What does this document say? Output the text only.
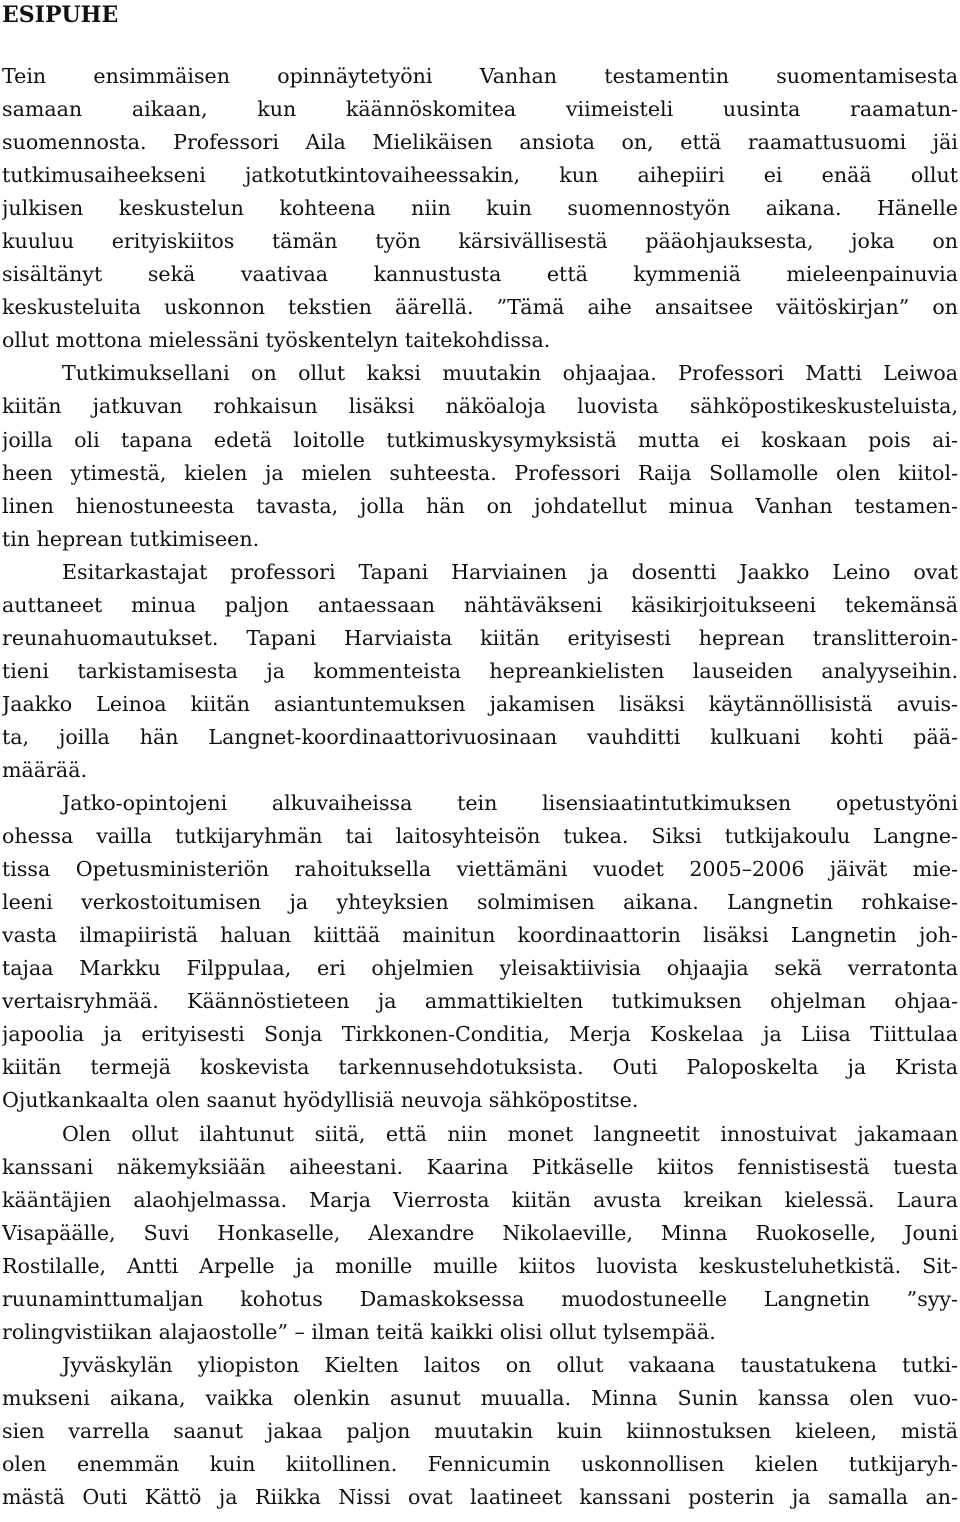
ESIPUHE
Tein ensimmäisen opinnäytetyöni Vanhan testamentin suomentamisesta
samaan aikaan, kun käännöskomitea viimeisteli uusinta raamatun-
suomennosta. Professori Aila Mielikäisen ansiota on, että raamattusuomi jäi
tutkimusaiheekseni jatkotutkintovaiheessakin, kun aihepiiri ei enää ollut
julkisen keskustelun kohteena niin kuin suomennostyön aikana. Hänelle
kuuluu erityiskiitos tämän työn kärsivällisestä pääohjauksesta, joka on
sisältänyt sekä vaativaa kannustusta että kymmeniä mieleenpainuvia
keskusteluita uskonnon tekstien äärellä. ”Tämä aihe ansaitsee väitöskirjan” on
ollut mottona mielessäni työskentelyn taitekohdissa.
Tutkimuksellani on ollut kaksi muutakin ohjaajaa. Professori Matti Leiwoa
kiitän jatkuvan rohkaisun lisäksi näköaloja luovista sähköpostikeskusteluista,
joilla oli tapana edetä loitolle tutkimuskysymyksistä mutta ei koskaan pois ai-
heen ytimestä, kielen ja mielen suhteesta. Professori Raija Sollamolle olen kiitol-
linen hienostuneesta tavasta, jolla hän on johdatellut minua Vanhan testamen-
tin heprean tutkimiseen.
Esitarkastajat professori Tapani Harviainen ja dosentti Jaakko Leino ovat
auttaneet minua paljon antaessaan nähtäväkseni käsikirjoitukseeni tekemänsä
reunahuomautukset. Tapani Harviaista kiitän erityisesti heprean translitteroin-
tieni tarkistamisesta ja kommenteista hepreankielisten lauseiden analyyseihin.
Jaakko Leinoa kiitän asiantuntemuksen jakamisen lisäksi käytännöllisistä avuis-
ta, joilla hän Langnet-koordinaattorivuosinaan vauhditti kulkuani kohti pää-
määrää.
Jatko-opintojeni alkuvaiheissa tein lisensiaatintutkimuksen opetustyöni
ohessa vailla tutkijaryhmän tai laitosyhteisön tukea. Siksi tutkijakoulu Langne-
tissa Opetusministeriön rahoituksella viettämäni vuodet 2005–2006 jäivät mie-
leeni verkostoitumisen ja yhteyksien solmimisen aikana. Langnetin rohkaise-
vasta ilmapiiristä haluan kiittää mainitun koordinaattorin lisäksi Langnetin joh-
tajaa Markku Filppulaa, eri ohjelmien yleisaktiivisia ohjaajia sekä verratonta
vertaisryhmää. Käännöstieteen ja ammattikielten tutkimuksen ohjelman ohjaa-
japoolia ja erityisesti Sonja Tirkkonen-Conditia, Merja Koskelaa ja Liisa Tiittulaa
kiitän termejä koskevista tarkennusehdotuksista. Outi Paloposkelta ja Krista
Ojutkankaalta olen saanut hyödyllisiä neuvoja sähköpostitse.
Olen ollut ilahtunut siitä, että niin monet langneetit innostuivat jakamaan
kanssani näkemyksiään aiheestani. Kaarina Pitkäselle kiitos fennistisestä tuesta
kääntäjien alaohjelmassa. Marja Vierrosta kiitän avusta kreikan kielessä. Laura
Visapäälle, Suvi Honkaselle, Alexandre Nikolaeville, Minna Ruokoselle, Jouni
Rostilalle, Antti Arpelle ja monille muille kiitos luovista keskusteluhetkistä. Sit-
ruunaminttumaljan kohotus Damaskoksessa muodostuneelle Langnetin ”syy-
rolingvistiikan alajaostolle” – ilman teitä kaikki olisi ollut tylsempää.
Jyväskylän yliopiston Kielten laitos on ollut vakaana taustatukena tutki-
mukseni aikana, vaikka olenkin asunut muualla. Minna Sunin kanssa olen vuo-
sien varrella saanut jakaa paljon muutakin kuin kiinnostuksen kieleen, mistä
olen enemmän kuin kiitollinen. Fennicumin uskonnollisen kielen tutkijaryh-
mästä Outi Kättö ja Riikka Nissi ovat laatineet kanssani posterin ja samalla an-
